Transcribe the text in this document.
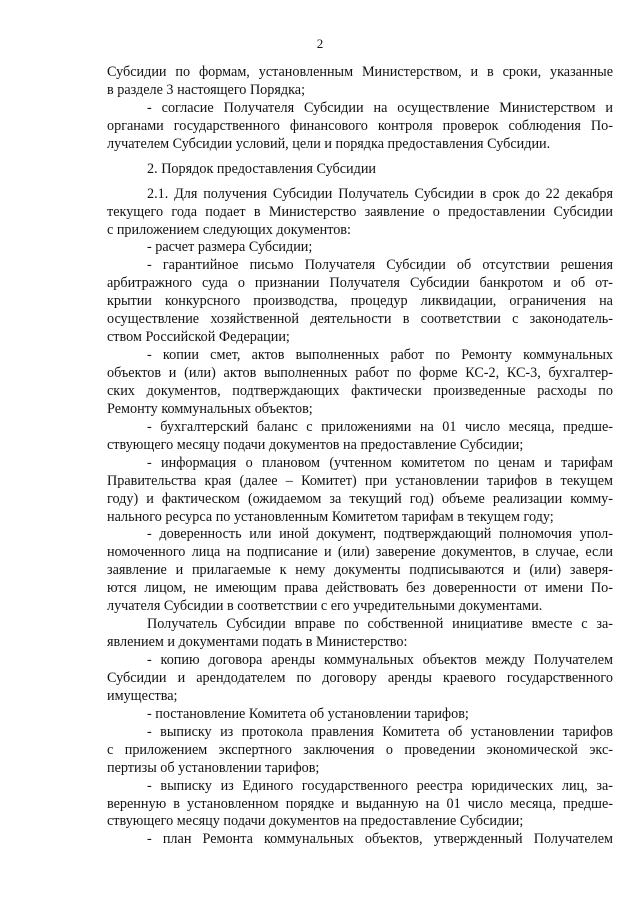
2
Субсидии по формам, установленным Министерством, и в сроки, указанные
в разделе 3 настоящего Порядка;
- согласие Получателя Субсидии на осуществление Министерством и
органами государственного финансового контроля проверок соблюдения По-
лучателем Субсидии условий, цели и порядка предоставления Субсидии.
2. Порядок предоставления Субсидии
2.1. Для получения Субсидии Получатель Субсидии в срок до 22 декабря
текущего года подает в Министерство заявление о предоставлении Субсидии
с приложением следующих документов:
- расчет размера Субсидии;
- гарантийное письмо Получателя Субсидии об отсутствии решения
арбитражного суда о признании Получателя Субсидии банкротом и об от-
крытии конкурсного производства, процедур ликвидации, ограничения на
осуществление хозяйственной деятельности в соответствии с законодатель-
ством Российской Федерации;
- копии смет, актов выполненных работ по Ремонту коммунальных
объектов и (или) актов выполненных работ по форме КС-2, КС-3, бухгалтер-
ских документов, подтверждающих фактически произведенные расходы по
Ремонту коммунальных объектов;
- бухгалтерский баланс с приложениями на 01 число месяца, предше-
ствующего месяцу подачи документов на предоставление Субсидии;
- информация о плановом (учтенном комитетом по ценам и тарифам
Правительства края (далее – Комитет) при установлении тарифов в текущем
году) и фактическом (ожидаемом за текущий год) объеме реализации комму-
нального ресурса по установленным Комитетом тарифам в текущем году;
- доверенность или иной документ, подтверждающий полномочия упол-
номоченного лица на подписание и (или) заверение документов, в случае, если
заявление и прилагаемые к нему документы подписываются и (или) заверя-
ются лицом, не имеющим права действовать без доверенности от имени По-
лучателя Субсидии в соответствии с его учредительными документами.
Получатель Субсидии вправе по собственной инициативе вместе с за-
явлением и документами подать в Министерство:
- копию договора аренды коммунальных объектов между Получателем
Субсидии и арендодателем по договору аренды краевого государственного
имущества;
- постановление Комитета об установлении тарифов;
- выписку из протокола правления Комитета об установлении тарифов
с приложением экспертного заключения о проведении экономической экс-
пертизы об установлении тарифов;
- выписку из Единого государственного реестра юридических лиц, за-
веренную в установленном порядке и выданную на 01 число месяца, предше-
ствующего месяцу подачи документов на предоставление Субсидии;
- план Ремонта коммунальных объектов, утвержденный Получателем
